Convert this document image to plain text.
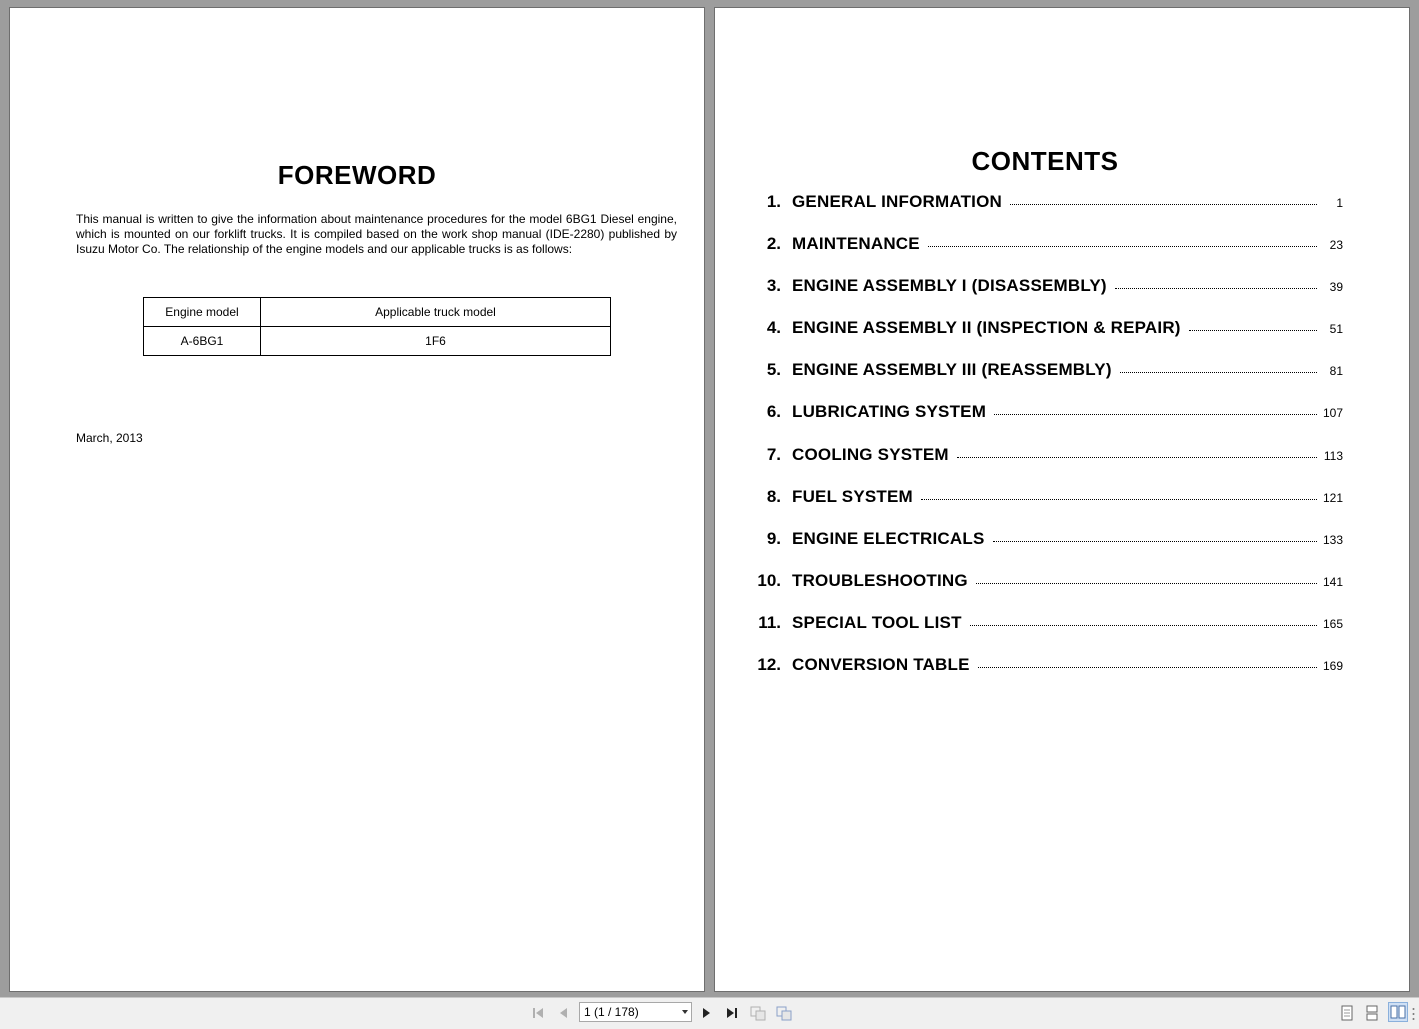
FOREWORD
This manual is written to give the information about maintenance procedures for the model 6BG1 Diesel engine, which is mounted on our forklift trucks. It is compiled based on the work shop manual (IDE-2280) published by Isuzu Motor Co. The relationship of the engine models and our applicable trucks is as follows:
Engine model	Applicable truck model
A-6BG1	1F6
March, 2013
CONTENTS
1. GENERAL INFORMATION	1
2. MAINTENANCE	23
3. ENGINE ASSEMBLY I (DISASSEMBLY)	39
4. ENGINE ASSEMBLY II (INSPECTION & REPAIR)	51
5. ENGINE ASSEMBLY III (REASSEMBLY)	81
6. LUBRICATING SYSTEM	107
7. COOLING SYSTEM	113
8. FUEL SYSTEM	121
9. ENGINE ELECTRICALS	133
10. TROUBLESHOOTING	141
11. SPECIAL TOOL LIST	165
12. CONVERSION TABLE	169
1 (1 / 178)
